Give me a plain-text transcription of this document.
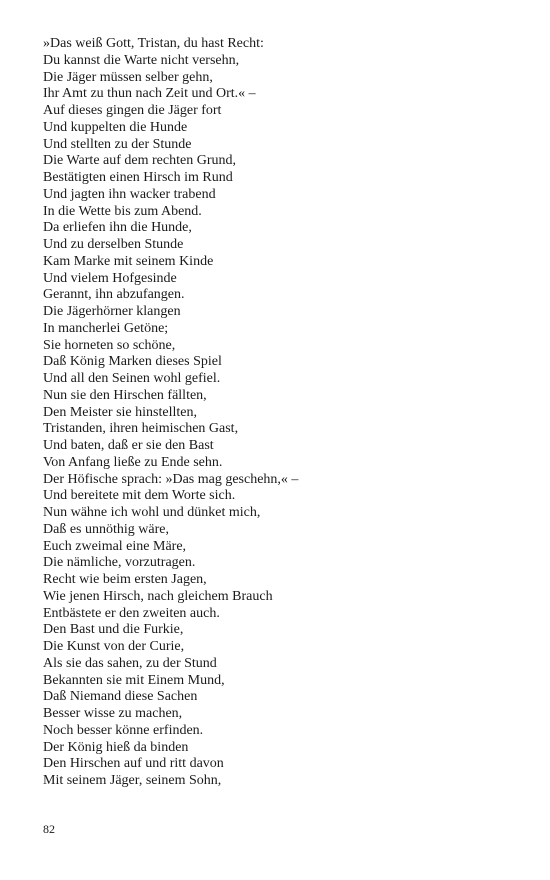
»Das weiß Gott, Tristan, du hast Recht:
Du kannst die Warte nicht versehn,
Die Jäger müssen selber gehn,
Ihr Amt zu thun nach Zeit und Ort.« –
Auf dieses gingen die Jäger fort
Und kuppelten die Hunde
Und stellten zu der Stunde
Die Warte auf dem rechten Grund,
Bestätigten einen Hirsch im Rund
Und jagten ihn wacker trabend
In die Wette bis zum Abend.
Da erliefen ihn die Hunde,
Und zu derselben Stunde
Kam Marke mit seinem Kinde
Und vielem Hofgesinde
Gerannt, ihn abzufangen.
Die Jägerhörner klangen
In mancherlei Getöne;
Sie horneten so schöne,
Daß König Marken dieses Spiel
Und all den Seinen wohl gefiel.
Nun sie den Hirschen fällten,
Den Meister sie hinstellten,
Tristanden, ihren heimischen Gast,
Und baten, daß er sie den Bast
Von Anfang ließe zu Ende sehn.
Der Höfische sprach: »Das mag geschehn,« –
Und bereitete mit dem Worte sich.
Nun wähne ich wohl und dünket mich,
Daß es unnöthig wäre,
Euch zweimal eine Märe,
Die nämliche, vorzutragen.
Recht wie beim ersten Jagen,
Wie jenen Hirsch, nach gleichem Brauch
Entbästete er den zweiten auch.
Den Bast und die Furkie,
Die Kunst von der Curie,
Als sie das sahen, zu der Stund
Bekannten sie mit Einem Mund,
Daß Niemand diese Sachen
Besser wisse zu machen,
Noch besser könne erfinden.
Der König hieß da binden
Den Hirschen auf und ritt davon
Mit seinem Jäger, seinem Sohn,
82
